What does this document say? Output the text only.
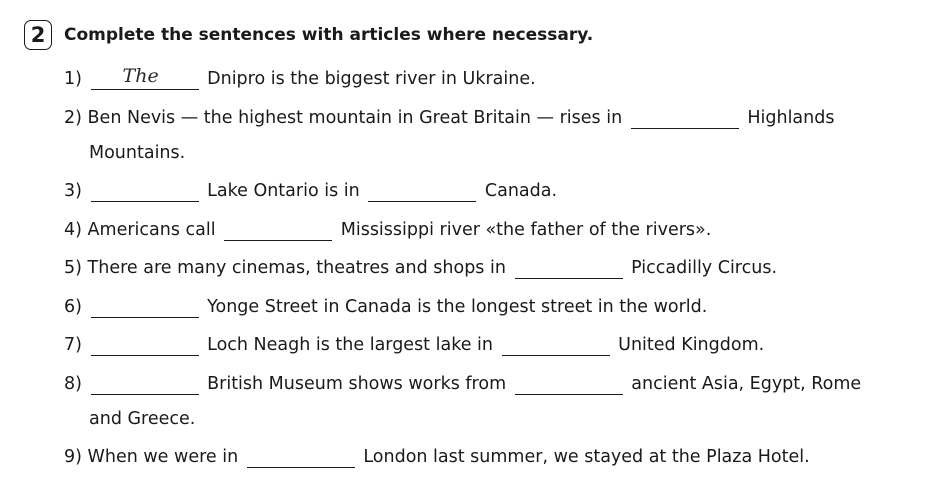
2	Complete the sentences with articles where necessary.
1) The	Dnipro is the biggest river in Ukraine.
2) Ben Nevis — the highest mountain in Great Britain — rises in	Highlands
Mountains.
3)	Lake Ontario is in	Canada.
4) Americans call	Mississippi river «the father of the rivers».
5) There are many cinemas, theatres and shops in	Piccadilly Circus.
6)	Yonge Street in Canada is the longest street in the world.
7)	Loch Neagh is the largest lake in	United Kingdom.
8)	British Museum shows works from	ancient Asia, Egypt, Rome
and Greece.
9) When we were in	London last summer, we stayed at the Plaza Hotel.
